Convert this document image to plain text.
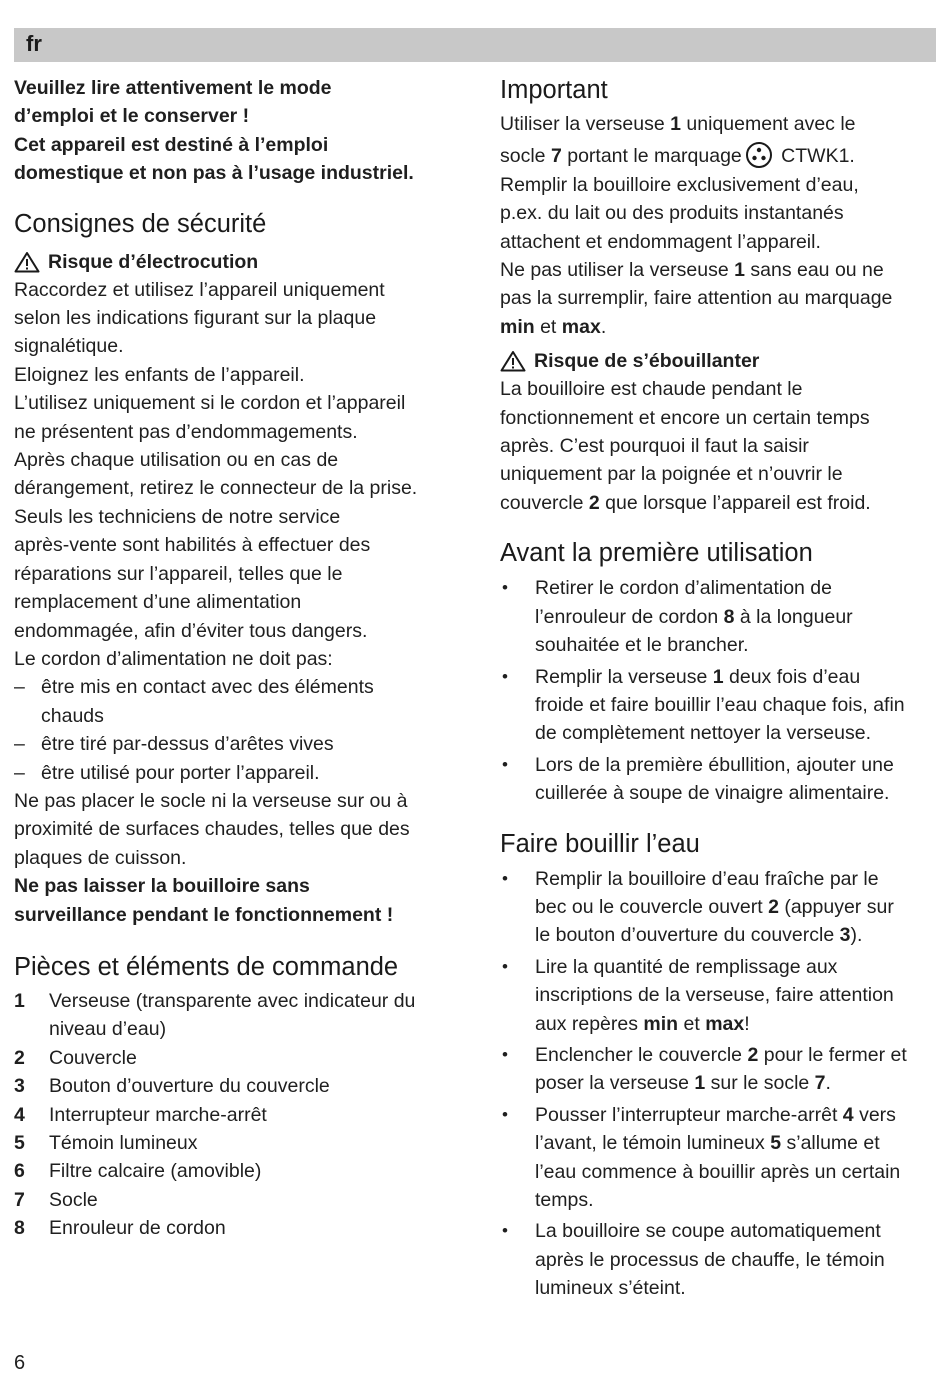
fr
Veuillez lire attentivement le mode
d’emploi et le conserver !
Cet appareil est destiné à l’emploi
domestique et non pas à l’usage industriel.
Consignes de sécurité
Risque d’électrocution
Raccordez et utilisez l’appareil uniquement
selon les indications figurant sur la plaque
signalétique.
Eloignez les enfants de l’appareil.
L’utilisez uniquement si le cordon et l’appareil
ne présentent pas d’endommagements.
Après chaque utilisation ou en cas de
dérangement, retirez le connecteur de la prise.
Seuls les techniciens de notre service
après-vente sont habilités à effectuer des
réparations sur l’appareil, telles que le
remplacement d’une alimentation
endommagée, afin d’éviter tous dangers.
Le cordon d’alimentation ne doit pas:
– être mis en contact avec des éléments
chauds
– être tiré par-dessus d’arêtes vives
– être utilisé pour porter l’appareil.
Ne pas placer le socle ni la verseuse sur ou à
proximité de surfaces chaudes, telles que des
plaques de cuisson.
Ne pas laisser la bouilloire sans
surveillance pendant le fonctionnement !
Pièces et éléments de commande
1 Verseuse (transparente avec indicateur du
niveau d’eau)
2 Couvercle
3 Bouton d’ouverture du couvercle
4 Interrupteur marche-arrêt
5 Témoin lumineux
6 Filtre calcaire (amovible)
7 Socle
8 Enrouleur de cordon
Important
Utiliser la verseuse 1 uniquement avec le
socle 7 portant le marquage CTWK1.
Remplir la bouilloire exclusivement d’eau,
p.ex. du lait ou des produits instantanés
attachent et endommagent l’appareil.
Ne pas utiliser la verseuse 1 sans eau ou ne
pas la surremplir, faire attention au marquage
min et max.
Risque de s’ébouillanter
La bouilloire est chaude pendant le
fonctionnement et encore un certain temps
après. C’est pourquoi il faut la saisir
uniquement par la poignée et n’ouvrir le
couvercle 2 que lorsque l’appareil est froid.
Avant la première utilisation
• Retirer le cordon d’alimentation de
l’enrouleur de cordon 8 à la longueur
souhaitée et le brancher.
• Remplir la verseuse 1 deux fois d’eau
froide et faire bouillir l’eau chaque fois, afin
de complètement nettoyer la verseuse.
• Lors de la première ébullition, ajouter une
cuillerée à soupe de vinaigre alimentaire.
Faire bouillir l’eau
• Remplir la bouilloire d’eau fraîche par le
bec ou le couvercle ouvert 2 (appuyer sur
le bouton d’ouverture du couvercle 3).
• Lire la quantité de remplissage aux
inscriptions de la verseuse, faire attention
aux repères min et max!
• Enclencher le couvercle 2 pour le fermer et
poser la verseuse 1 sur le socle 7.
• Pousser l’interrupteur marche-arrêt 4 vers
l’avant, le témoin lumineux 5 s’allume et
l’eau commence à bouillir après un certain
temps.
• La bouilloire se coupe automatiquement
après le processus de chauffe, le témoin
lumineux s’éteint.
6
